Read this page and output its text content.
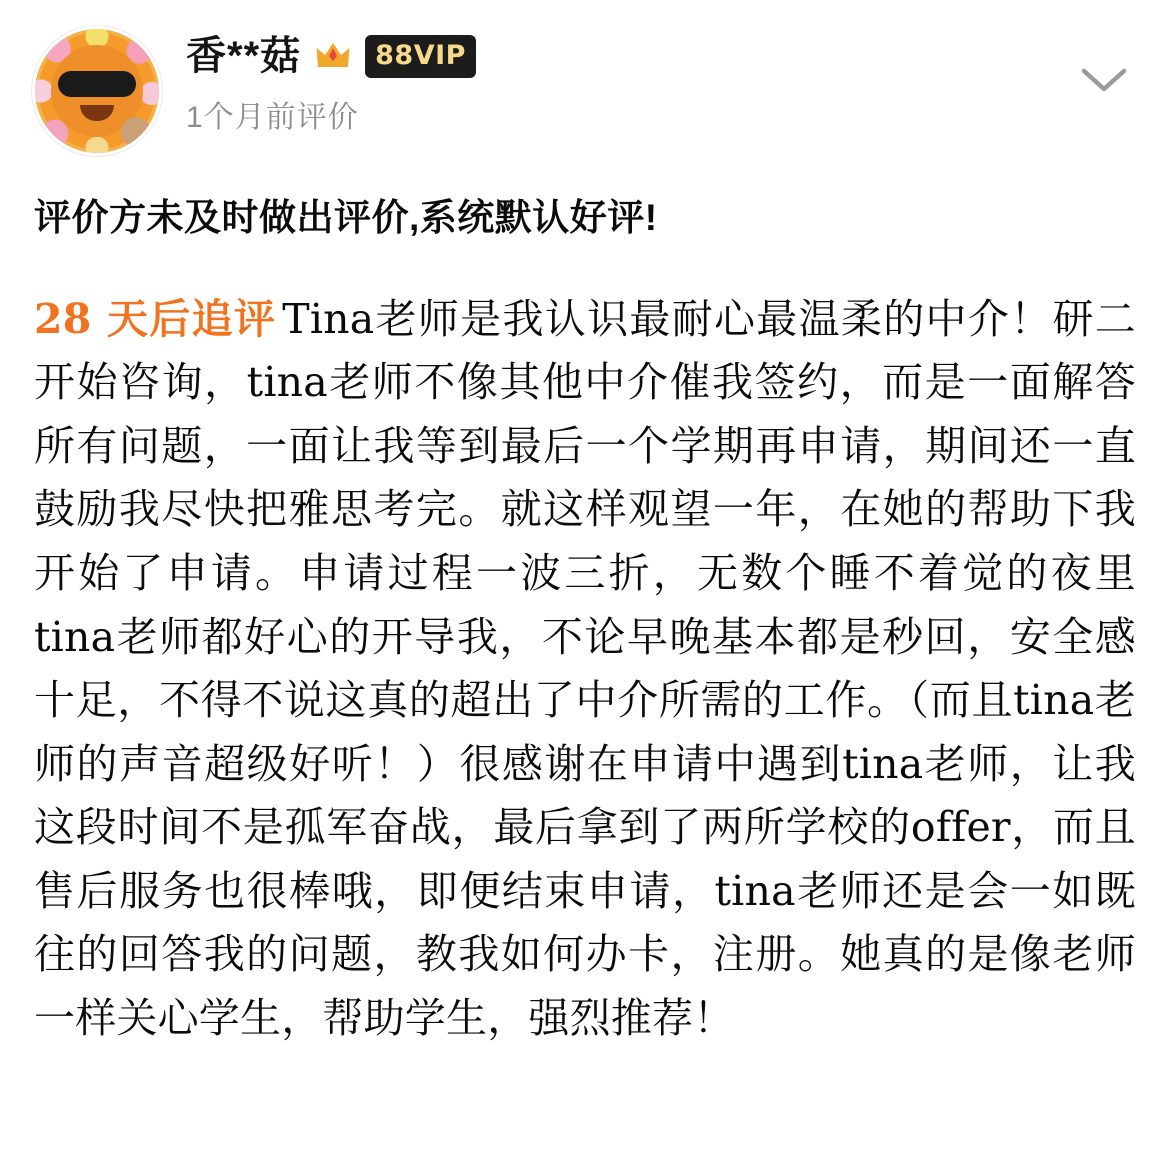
香**菇	88VIP
1个月前评价
评价方未及时做出评价,系统默认好评!
28 天后追评 Tina老师是我认识最耐心最温柔的中介！研二开始咨询，tina老师不像其他中介催我签约，而是一面解答所有问题，一面让我等到最后一个学期再申请，期间还一直鼓励我尽快把雅思考完。就这样观望一年，在她的帮助下我开始了申请。申请过程一波三折，无数个睡不着觉的夜里tina老师都好心的开导我，不论早晚基本都是秒回，安全感十足，不得不说这真的超出了中介所需的工作。（而且tina老师的声音超级好听！）很感谢在申请中遇到tina老师，让我这段时间不是孤军奋战，最后拿到了两所学校的offer，而且售后服务也很棒哦，即便结束申请，tina老师还是会一如既往的回答我的问题，教我如何办卡，注册。她真的是像老师一样关心学生，帮助学生，强烈推荐！
